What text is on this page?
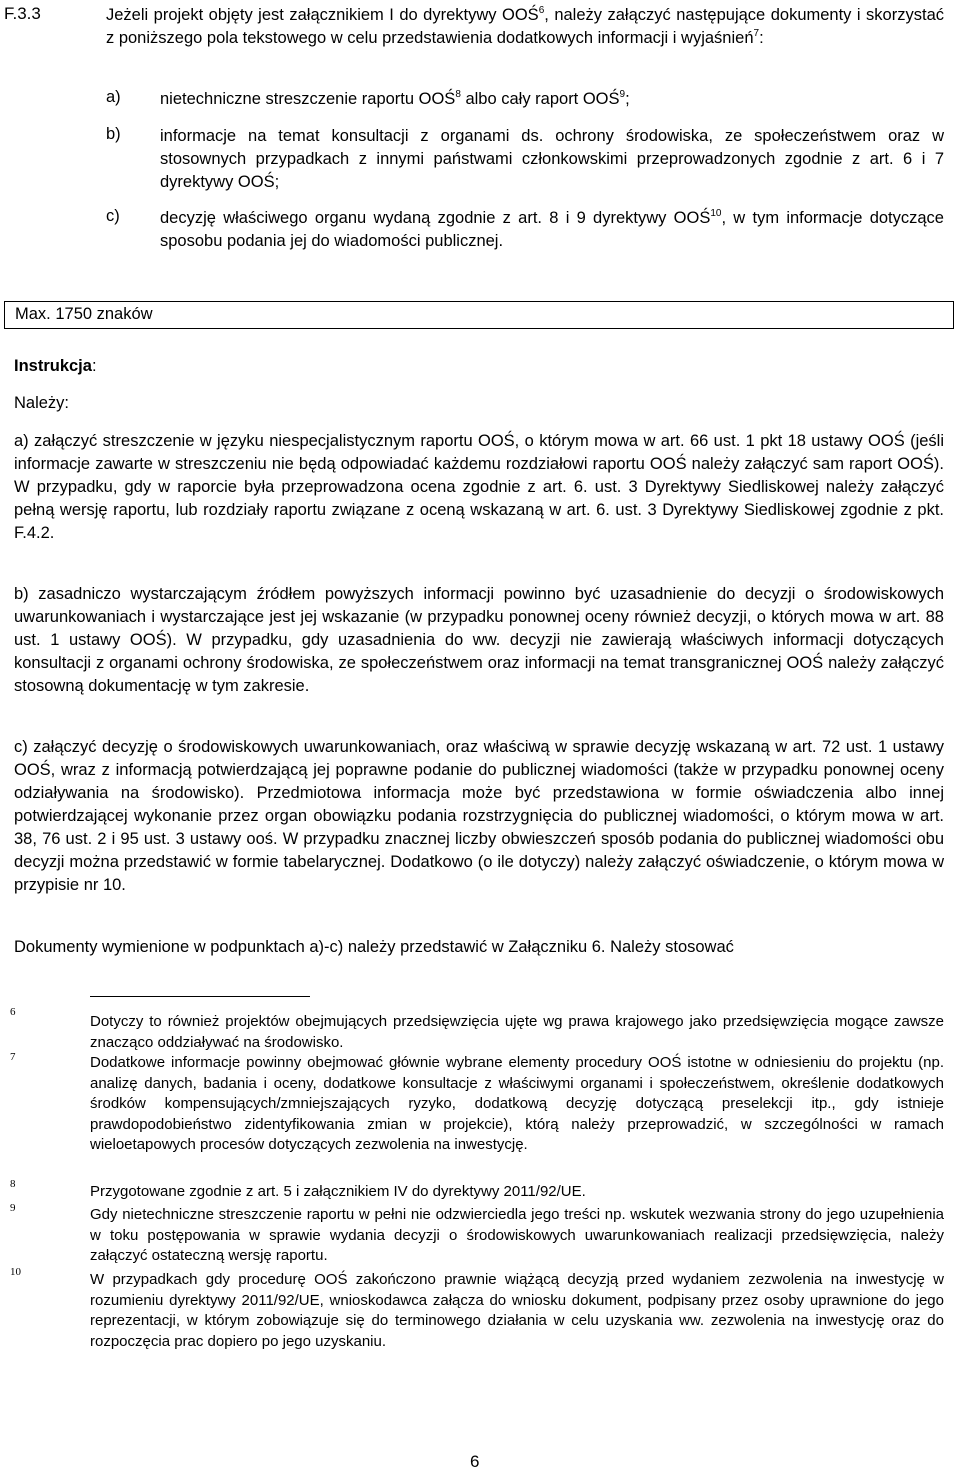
F.3.3	Jeżeli projekt objęty jest załącznikiem I do dyrektywy OOŚ$^6$, należy załączyć następujące dokumenty i skorzystać z poniższego pola tekstowego w celu przedstawienia dodatkowych informacji i wyjaśnień$^7$:
a)	nietechniczne streszczenie raportu OOŚ$^8$ albo cały raport OOŚ$^9$;
b)	informacje na temat konsultacji z organami ds. ochrony środowiska, ze społeczeństwem oraz w stosownych przypadkach z innymi państwami członkowskimi przeprowadzonych zgodnie z art. 6 i 7 dyrektywy OOŚ;
c)	decyzję właściwego organu wydaną zgodnie z art. 8 i 9 dyrektywy OOŚ$^{10}$, w tym informacje dotyczące sposobu podania jej do wiadomości publicznej.
Max. 1750 znaków
Instrukcja:
Należy:
a) załączyć streszczenie w języku niespecjalistycznym raportu OOŚ, o którym mowa w art. 66 ust. 1 pkt 18 ustawy OOŚ (jeśli informacje zawarte w streszczeniu nie będą odpowiadać każdemu rozdziałowi raportu OOŚ należy załączyć sam raport OOŚ). W przypadku, gdy w raporcie była przeprowadzona ocena zgodnie z art. 6. ust. 3 Dyrektywy Siedliskowej należy załączyć pełną wersję raportu, lub rozdziały raportu związane z oceną wskazaną w art. 6. ust. 3 Dyrektywy Siedliskowej zgodnie z pkt. F.4.2.
b) zasadniczo wystarczającym źródłem powyższych informacji powinno być uzasadnienie do decyzji o środowiskowych uwarunkowaniach i wystarczające jest jej wskazanie (w przypadku ponownej oceny również decyzji, o których mowa w art. 88 ust. 1 ustawy OOŚ). W przypadku, gdy uzasadnienia do ww. decyzji nie zawierają właściwych informacji dotyczących konsultacji z organami ochrony środowiska, ze społeczeństwem oraz informacji na temat transgranicznej OOŚ należy załączyć stosowną dokumentację w tym zakresie.
c) załączyć decyzję o środowiskowych uwarunkowaniach, oraz właściwą w sprawie decyzję wskazaną w art. 72 ust. 1 ustawy OOŚ, wraz z informacją potwierdzającą jej poprawne podanie do publicznej wiadomości (także w przypadku ponownej oceny odziaływania na środowisko). Przedmiotowa informacja może być przedstawiona w formie oświadczenia albo innej potwierdzającej wykonanie przez organ obowiązku podania rozstrzygnięcia do publicznej wiadomości, o którym mowa w art. 38, 76 ust. 2 i 95 ust. 3 ustawy ooś. W przypadku znacznej liczby obwieszczeń sposób podania do publicznej wiadomości obu decyzji można przedstawić w formie tabelarycznej. Dodatkowo (o ile dotyczy) należy załączyć oświadczenie, o którym mowa w przypisie nr 10.
Dokumenty wymienione w podpunktach a)-c) należy przedstawić w Załączniku 6. Należy stosować
6
Dotyczy to również projektów obejmujących przedsięwzięcia ujęte wg prawa krajowego jako przedsięwzięcia mogące zawsze znacząco oddziaływać na środowisko.
7	Dodatkowe informacje powinny obejmować głównie wybrane elementy procedury OOŚ istotne w odniesieniu do projektu (np. analizę danych, badania i oceny, dodatkowe konsultacje z właściwymi organami i społeczeństwem, określenie dodatkowych środków kompensujących/zmniejszających ryzyko, dodatkową decyzję dotyczącą preselekcji itp., gdy istnieje prawdopodobieństwo zidentyfikowania zmian w projekcie), którą należy przeprowadzić, w szczególności w ramach wieloetapowych procesów dotyczących zezwolenia na inwestycję.
8	Przygotowane zgodnie z art. 5 i załącznikiem IV do dyrektywy 2011/92/UE.
9	Gdy nietechniczne streszczenie raportu w pełni nie odzwierciedla jego treści np. wskutek wezwania strony do jego uzupełnienia w toku postępowania w sprawie wydania decyzji o środowiskowych uwarunkowaniach realizacji przedsięwzięcia, należy załączyć ostateczną wersję raportu.
10	W przypadkach gdy procedurę OOŚ zakończono prawnie wiążącą decyzją przed wydaniem zezwolenia na inwestycję w rozumieniu dyrektywy 2011/92/UE, wnioskodawca załącza do wniosku dokument, podpisany przez osoby uprawnione do jego reprezentacji, w którym zobowiązuje się do terminowego działania w celu uzyskania ww. zezwolenia na inwestycję oraz do rozpoczęcia prac dopiero po jego uzyskaniu.
6
